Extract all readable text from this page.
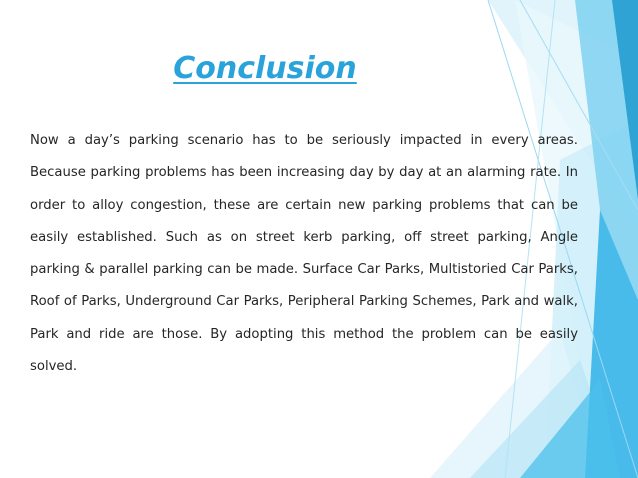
Conclusion

Now a day’s parking scenario has to be seriously impacted in every areas. Because parking problems has been increasing day by day at an alarming rate. In order to alloy congestion, these are certain new parking problems that can be easily established. Such as on street kerb parking, off street parking, Angle parking & parallel parking can be made. Surface Car Parks, Multistoried Car Parks, Roof of Parks, Underground Car Parks, Peripheral Parking Schemes, Park and walk, Park and ride are those. By adopting this method the problem can be easily solved.
